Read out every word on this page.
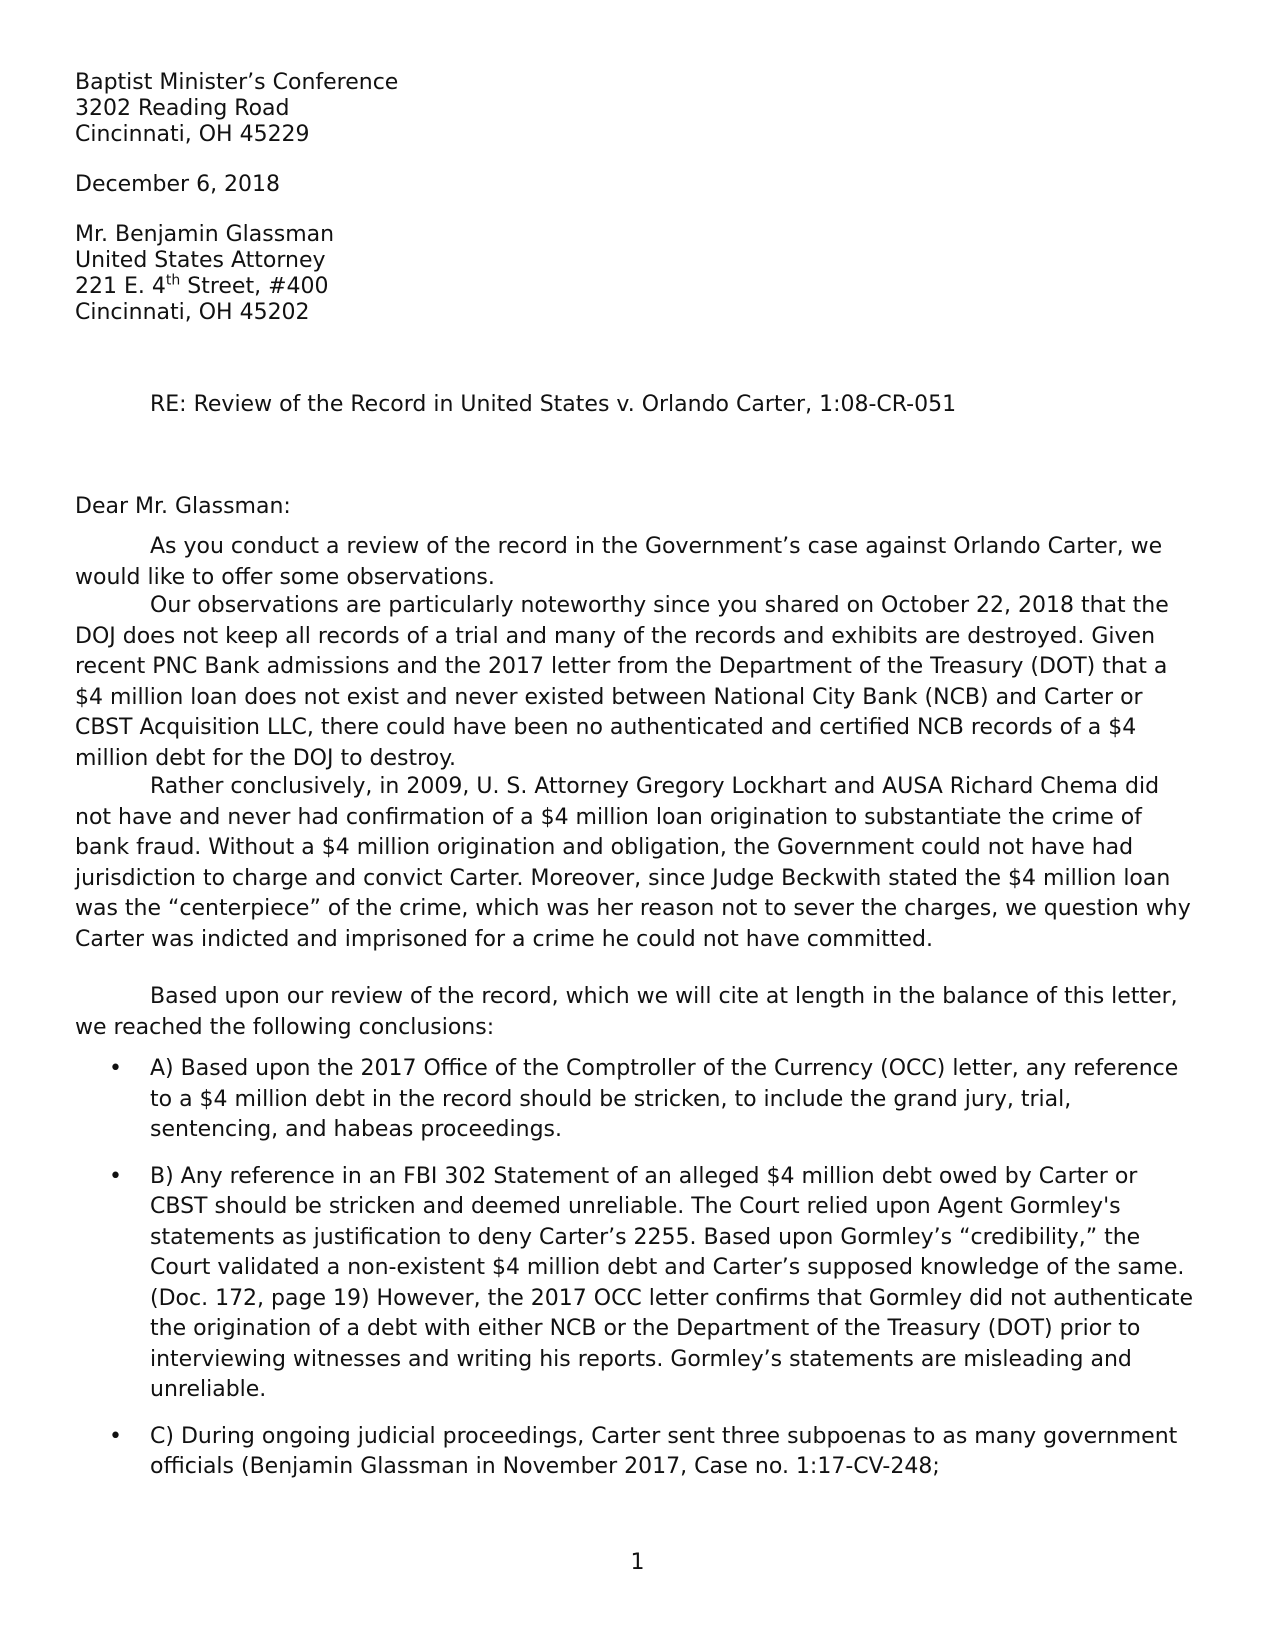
Baptist Minister’s Conference
3202 Reading Road
Cincinnati, OH 45229
December 6, 2018
Mr. Benjamin Glassman
United States Attorney
221 E. 4th Street, #400
Cincinnati, OH 45202
RE: Review of the Record in United States v. Orlando Carter, 1:08-CR-051
Dear Mr. Glassman:

As you conduct a review of the record in the Government’s case against Orlando Carter, we would like to offer some observations.

Our observations are particularly noteworthy since you shared on October 22, 2018 that the DOJ does not keep all records of a trial and many of the records and exhibits are destroyed. Given recent PNC Bank admissions and the 2017 letter from the Department of the Treasury (DOT) that a $4 million loan does not exist and never existed between National City Bank (NCB) and Carter or CBST Acquisition LLC, there could have been no authenticated and certified NCB records of a $4 million debt for the DOJ to destroy.

Rather conclusively, in 2009, U. S. Attorney Gregory Lockhart and AUSA Richard Chema did not have and never had confirmation of a $4 million loan origination to substantiate the crime of bank fraud. Without a $4 million origination and obligation, the Government could not have had jurisdiction to charge and convict Carter. Moreover, since Judge Beckwith stated the $4 million loan was the “centerpiece” of the crime, which was her reason not to sever the charges, we question why Carter was indicted and imprisoned for a crime he could not have committed.

Based upon our review of the record, which we will cite at length in the balance of this letter, we reached the following conclusions:

• A) Based upon the 2017 Office of the Comptroller of the Currency (OCC) letter, any reference to a $4 million debt in the record should be stricken, to include the grand jury, trial, sentencing, and habeas proceedings.
• B) Any reference in an FBI 302 Statement of an alleged $4 million debt owed by Carter or CBST should be stricken and deemed unreliable. The Court relied upon Agent Gormley's statements as justification to deny Carter’s 2255. Based upon Gormley’s “credibility,” the Court validated a non-existent $4 million debt and Carter’s supposed knowledge of the same. (Doc. 172, page 19) However, the 2017 OCC letter confirms that Gormley did not authenticate the origination of a debt with either NCB or the Department of the Treasury (DOT) prior to interviewing witnesses and writing his reports. Gormley’s statements are misleading and unreliable.
• C) During ongoing judicial proceedings, Carter sent three subpoenas to as many government officials (Benjamin Glassman in November 2017, Case no. 1:17-CV-248;
1
